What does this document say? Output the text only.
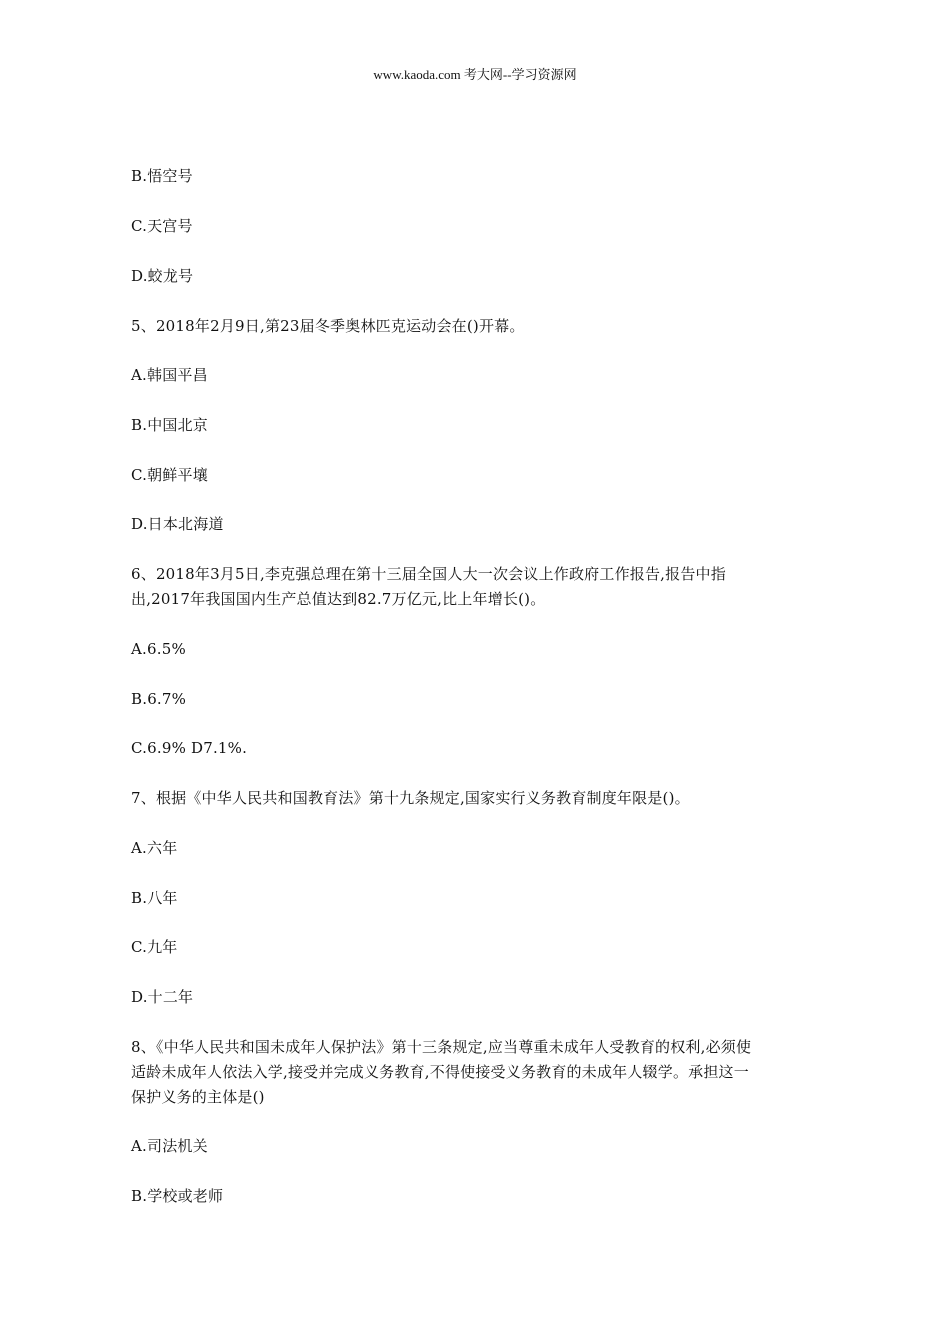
www.kaoda.com 考大网--学习资源网
B.悟空号
C.天宫号
D.蛟龙号
5、2018年2月9日,第23届冬季奥林匹克运动会在()开幕。
A.韩国平昌
B.中国北京
C.朝鲜平壤
D.日本北海道
6、2018年3月5日,李克强总理在第十三届全国人大一次会议上作政府工作报告,报告中指
出,2017年我国国内生产总值达到82.7万亿元,比上年增长()。
A.6.5%
B.6.7%
C.6.9% D7.1%.
7、根据《中华人民共和国教育法》第十九条规定,国家实行义务教育制度年限是()。
A.六年
B.八年
C.九年
D.十二年
8、《中华人民共和国未成年人保护法》第十三条规定,应当尊重未成年人受教育的权利,必须使
适龄未成年人依法入学,接受并完成义务教育,不得使接受义务教育的未成年人辍学。承担这一
保护义务的主体是()
A.司法机关
B.学校或老师
